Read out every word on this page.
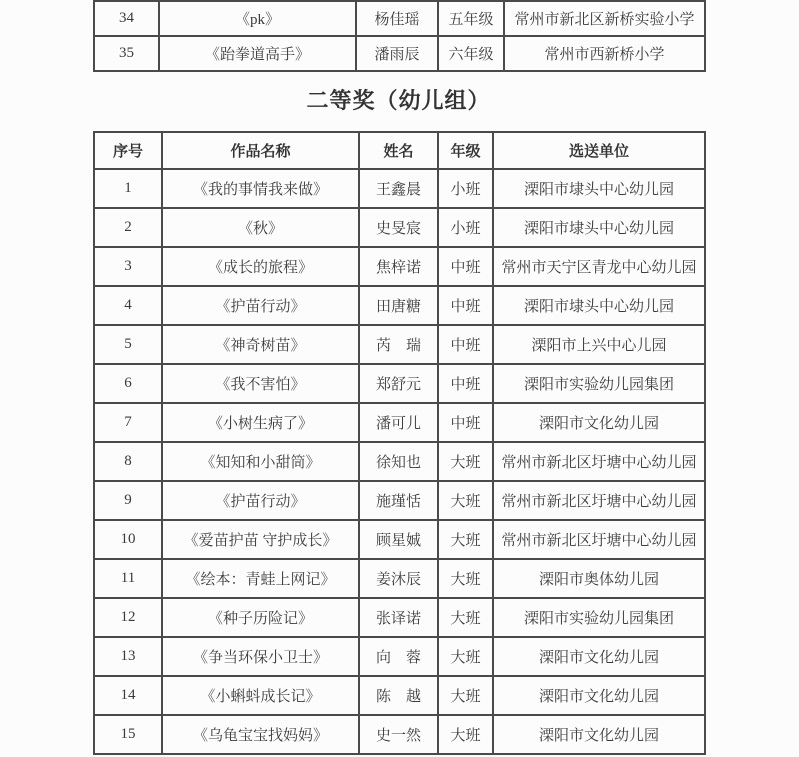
34	《pk》	杨佳瑶	五年级	常州市新北区新桥实验小学
35	《跆拳道高手》	潘雨辰	六年级	常州市西新桥小学
二等奖（幼儿组）
序号	作品名称	姓名	年级	选送单位
1	《我的事情我来做》	王鑫晨	小班	溧阳市埭头中心幼儿园
2	《秋》	史旻宸	小班	溧阳市埭头中心幼儿园
3	《成长的旅程》	焦梓诺	中班	常州市天宁区青龙中心幼儿园
4	《护苗行动》	田唐糖	中班	溧阳市埭头中心幼儿园
5	《神奇树苗》	芮　瑞	中班	溧阳市上兴中心儿园
6	《我不害怕》	郑舒元	中班	溧阳市实验幼儿园集团
7	《小树生病了》	潘可儿	中班	溧阳市文化幼儿园
8	《知知和小甜筒》	徐知也	大班	常州市新北区圩塘中心幼儿园
9	《护苗行动》	施瑾恬	大班	常州市新北区圩塘中心幼儿园
10	《爱苗护苗 守护成长》	顾星娍	大班	常州市新北区圩塘中心幼儿园
11	《绘本：青蛙上网记》	姜沐辰	大班	溧阳市奥体幼儿园
12	《种子历险记》	张译诺	大班	溧阳市实验幼儿园集团
13	《争当环保小卫士》	向　蓉	大班	溧阳市文化幼儿园
14	《小蝌蚪成长记》	陈　越	大班	溧阳市文化幼儿园
15	《乌龟宝宝找妈妈》	史一然	大班	溧阳市文化幼儿园
